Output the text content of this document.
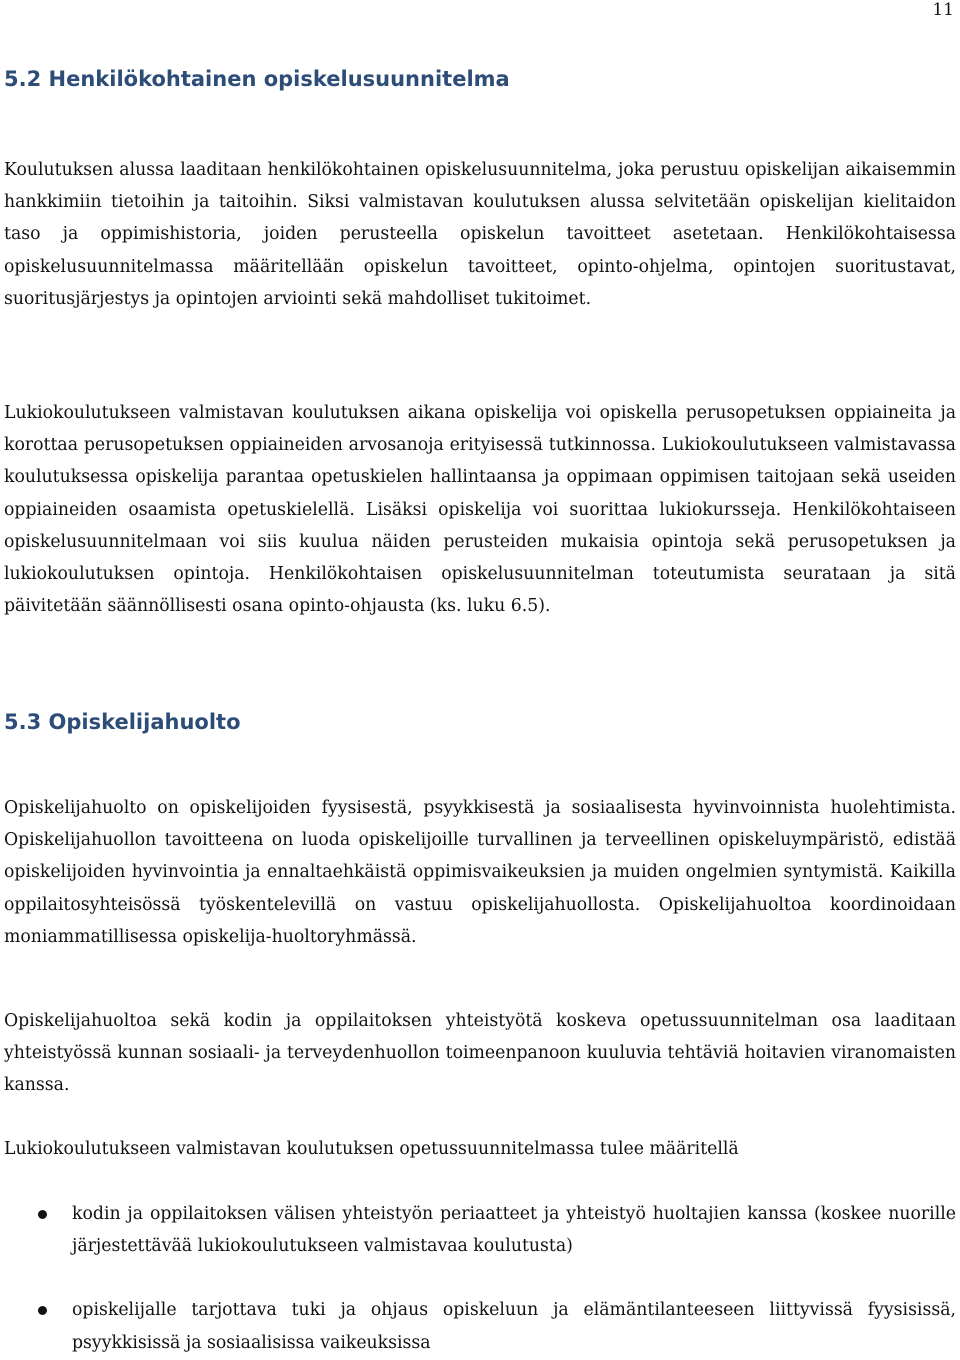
11
5.2 Henkilökohtainen opiskelusuunnitelma

Koulutuksen alussa laaditaan henkilökohtainen opiskelusuunnitelma, joka perustuu opiskelijan aikaisemmin hankkimiin tietoihin ja taitoihin. Siksi valmistavan koulutuksen alussa selvitetään opiskelijan kielitaidon taso ja oppimishistoria, joiden perusteella opiskelun tavoitteet asetetaan. Henkilökohtaisessa opiskelusuunnitelmassa määritellään opiskelun tavoitteet, opinto-ohjelma, opintojen suoritustavat, suoritusjärjestys ja opintojen arviointi sekä mahdolliset tukitoimet.

Lukiokoulutukseen valmistavan koulutuksen aikana opiskelija voi opiskella perusopetuksen oppiaineita ja korottaa perusopetuksen oppiaineiden arvosanoja erityisessä tutkinnossa. Lukiokoulutukseen valmistavassa koulutuksessa opiskelija parantaa opetuskielen hallintaansa ja oppimaan oppimisen taitojaan sekä useiden oppiaineiden osaamista opetuskielellä. Lisäksi opiskelija voi suorittaa lukiokursseja. Henkilökohtaiseen opiskelusuunnitelmaan voi siis kuulua näiden perusteiden mukaisia opintoja sekä perusopetuksen ja lukiokoulutuksen opintoja. Henkilökohtaisen opiskelusuunnitelman toteutumista seurataan ja sitä päivitetään säännöllisesti osana opinto-ohjausta (ks. luku 6.5).

5.3 Opiskelijahuolto

Opiskelijahuolto on opiskelijoiden fyysisestä, psyykkisestä ja sosiaalisesta hyvinvoinnista huolehtimista. Opiskelijahuollon tavoitteena on luoda opiskelijoille turvallinen ja terveellinen opiskeluympäristö, edistää opiskelijoiden hyvinvointia ja ennaltaehkäistä oppimisvaikeuksien ja muiden ongelmien syntymistä. Kaikilla oppilaitosyhteisössä työskentelevillä on vastuu opiskelijahuollosta. Opiskelijahuoltoa koordinoidaan moniammatillisessa opiskelija-huoltoryhmässä.

Opiskelijahuoltoa sekä kodin ja oppilaitoksen yhteistyötä koskeva opetussuunnitelman osa laaditaan yhteistyössä kunnan sosiaali- ja terveydenhuollon toimeenpanoon kuuluvia tehtäviä hoitavien viranomaisten kanssa.

Lukiokoulutukseen valmistavan koulutuksen opetussuunnitelmassa tulee määritellä

kodin ja oppilaitoksen välisen yhteistyön periaatteet ja yhteistyö huoltajien kanssa (koskee nuorille järjestettävää lukiokoulutukseen valmistavaa koulutusta)
opiskelijalle tarjottava tuki ja ohjaus opiskeluun ja elämäntilanteeseen liittyvissä fyysisissä, psyykkisissä ja sosiaalisissa vaikeuksissa
